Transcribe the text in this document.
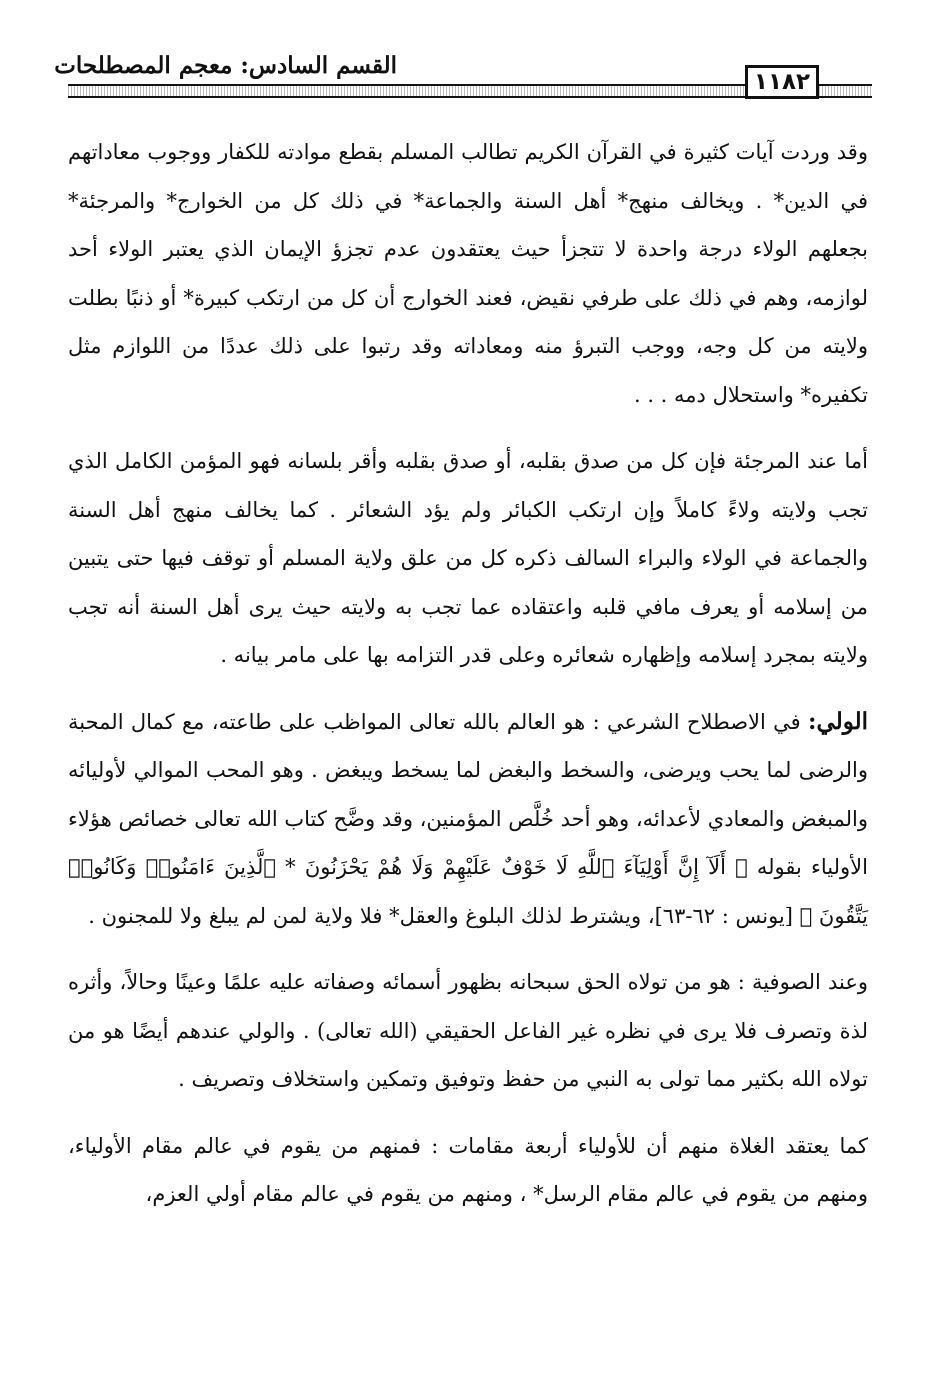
القسم السادس: معجم المصطلحات
١١٨٢

وقد وردت آيات كثيرة في القرآن الكريم تطالب المسلم بقطع موادته للكفار ووجوب معاداتهم في الدين* . ويخالف منهج* أهل السنة والجماعة* في ذلك كل من الخوارج* والمرجئة* بجعلهم الولاء درجة واحدة لا تتجزأ حيث يعتقدون عدم تجزؤ الإيمان الذي يعتبر الولاء أحد لوازمه، وهم في ذلك على طرفي نقيض، فعند الخوارج أن كل من ارتكب كبيرة* أو ذنبًا بطلت ولايته من كل وجه، ووجب التبرؤ منه ومعاداته وقد رتبوا على ذلك عددًا من اللوازم مثل تكفيره* واستحلال دمه . . .

أما عند المرجئة فإن كل من صدق بقلبه، أو صدق بقلبه وأقر بلسانه فهو المؤمن الكامل الذي تجب ولايته ولاءً كاملاً وإن ارتكب الكبائر ولم يؤد الشعائر . كما يخالف منهج أهل السنة والجماعة في الولاء والبراء السالف ذكره كل من علق ولاية المسلم أو توقف فيها حتى يتبين من إسلامه أو يعرف مافي قلبه واعتقاده عما تجب به ولايته حيث يرى أهل السنة أنه تجب ولايته بمجرد إسلامه وإظهاره شعائره وعلى قدر التزامه بها على مامر بيانه .

الولي: في الاصطلاح الشرعي : هو العالم بالله تعالى المواظب على طاعته، مع كمال المحبة والرضى لما يحب ويرضى، والسخط والبغض لما يسخط ويبغض . وهو المحب الموالي لأوليائه والمبغض والمعادي لأعدائه، وهو أحد خُلَّص المؤمنين، وقد وضَّح كتاب الله تعالى خصائص هؤلاء الأولياء بقوله ﴿ أَلَآ إِنَّ أَوْلِيَآءَ ٱللَّهِ لَا خَوْفٌ عَلَيْهِمْ وَلَا هُمْ يَحْزَنُونَ * ٱلَّذِينَ ءَامَنُوا۟ وَكَانُوا۟ يَتَّقُونَ ﴾ [يونس : ٦٢-٦٣]، ويشترط لذلك البلوغ والعقل* فلا ولاية لمن لم يبلغ ولا للمجنون .

وعند الصوفية : هو من تولاه الحق سبحانه بظهور أسمائه وصفاته عليه علمًا وعينًا وحالاً، وأثره لذة وتصرف فلا يرى في نظره غير الفاعل الحقيقي (الله تعالى) . والولي عندهم أيضًا هو من تولاه الله بكثير مما تولى به النبي من حفظ وتوفيق وتمكين واستخلاف وتصريف .

كما يعتقد الغلاة منهم أن للأولياء أربعة مقامات : فمنهم من يقوم في عالم مقام الأولياء، ومنهم من يقوم في عالم مقام الرسل* ، ومنهم من يقوم في عالم مقام أولي العزم،
